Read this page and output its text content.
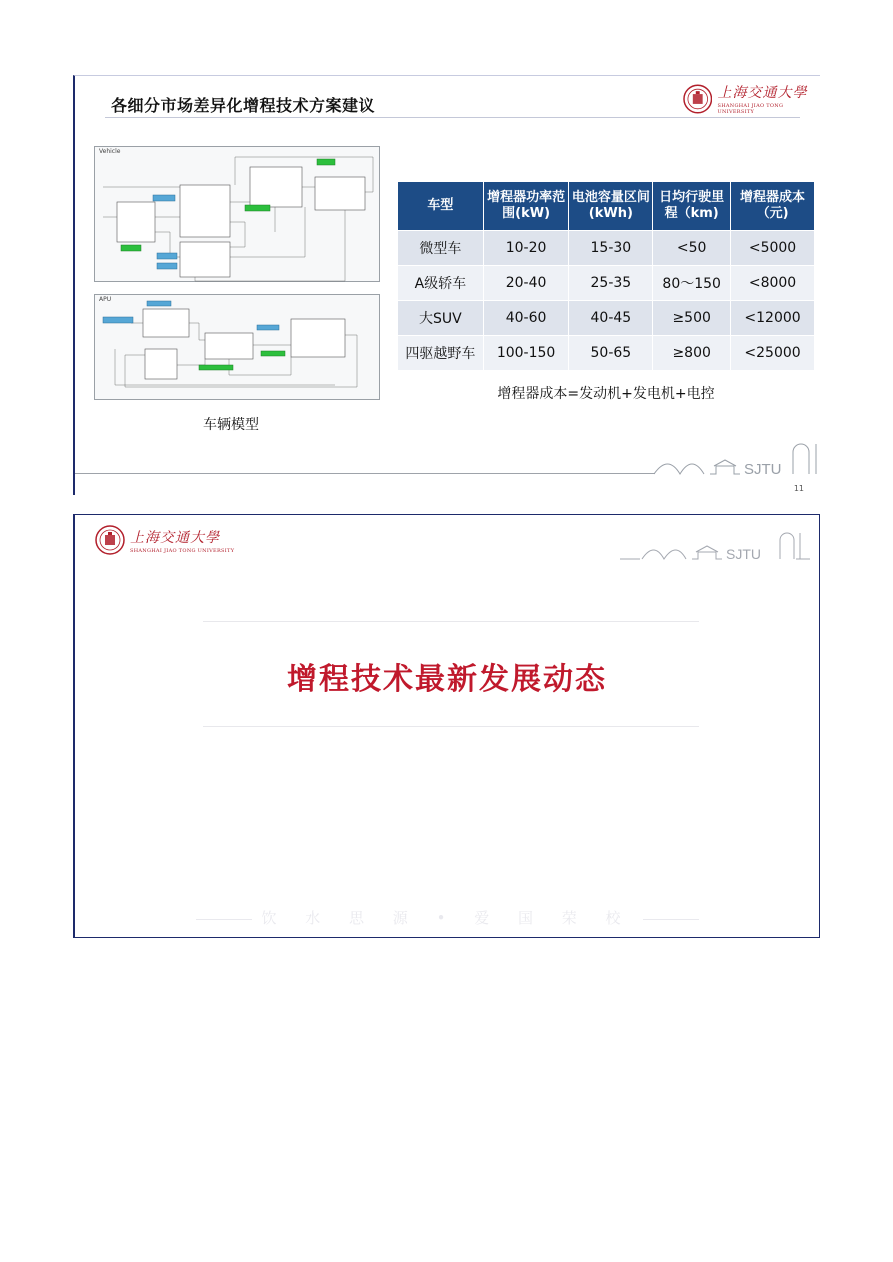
各细分市场差异化增程技术方案建议
上海交通大學
SHANGHAI JIAO TONG UNIVERSITY
Vehicle
APU
车辆模型
车型	增程器功率范围(kW)	电池容量区间(kWh)	日均行驶里程（km)	增程器成本（元)
微型车	10-20	15-30	<50	<5000
A级轿车	20-40	25-35	80～150	<8000
大SUV	40-60	40-45	≥500	<12000
四驱越野车	100-150	50-65	≥800	<25000
增程器成本=发动机+发电机+电控
SJTU
11
上海交通大學
SHANGHAI JIAO TONG UNIVERSITY	SJTU
增程技术最新发展动态
饮 水 思 源 • 爱 国 荣 校
